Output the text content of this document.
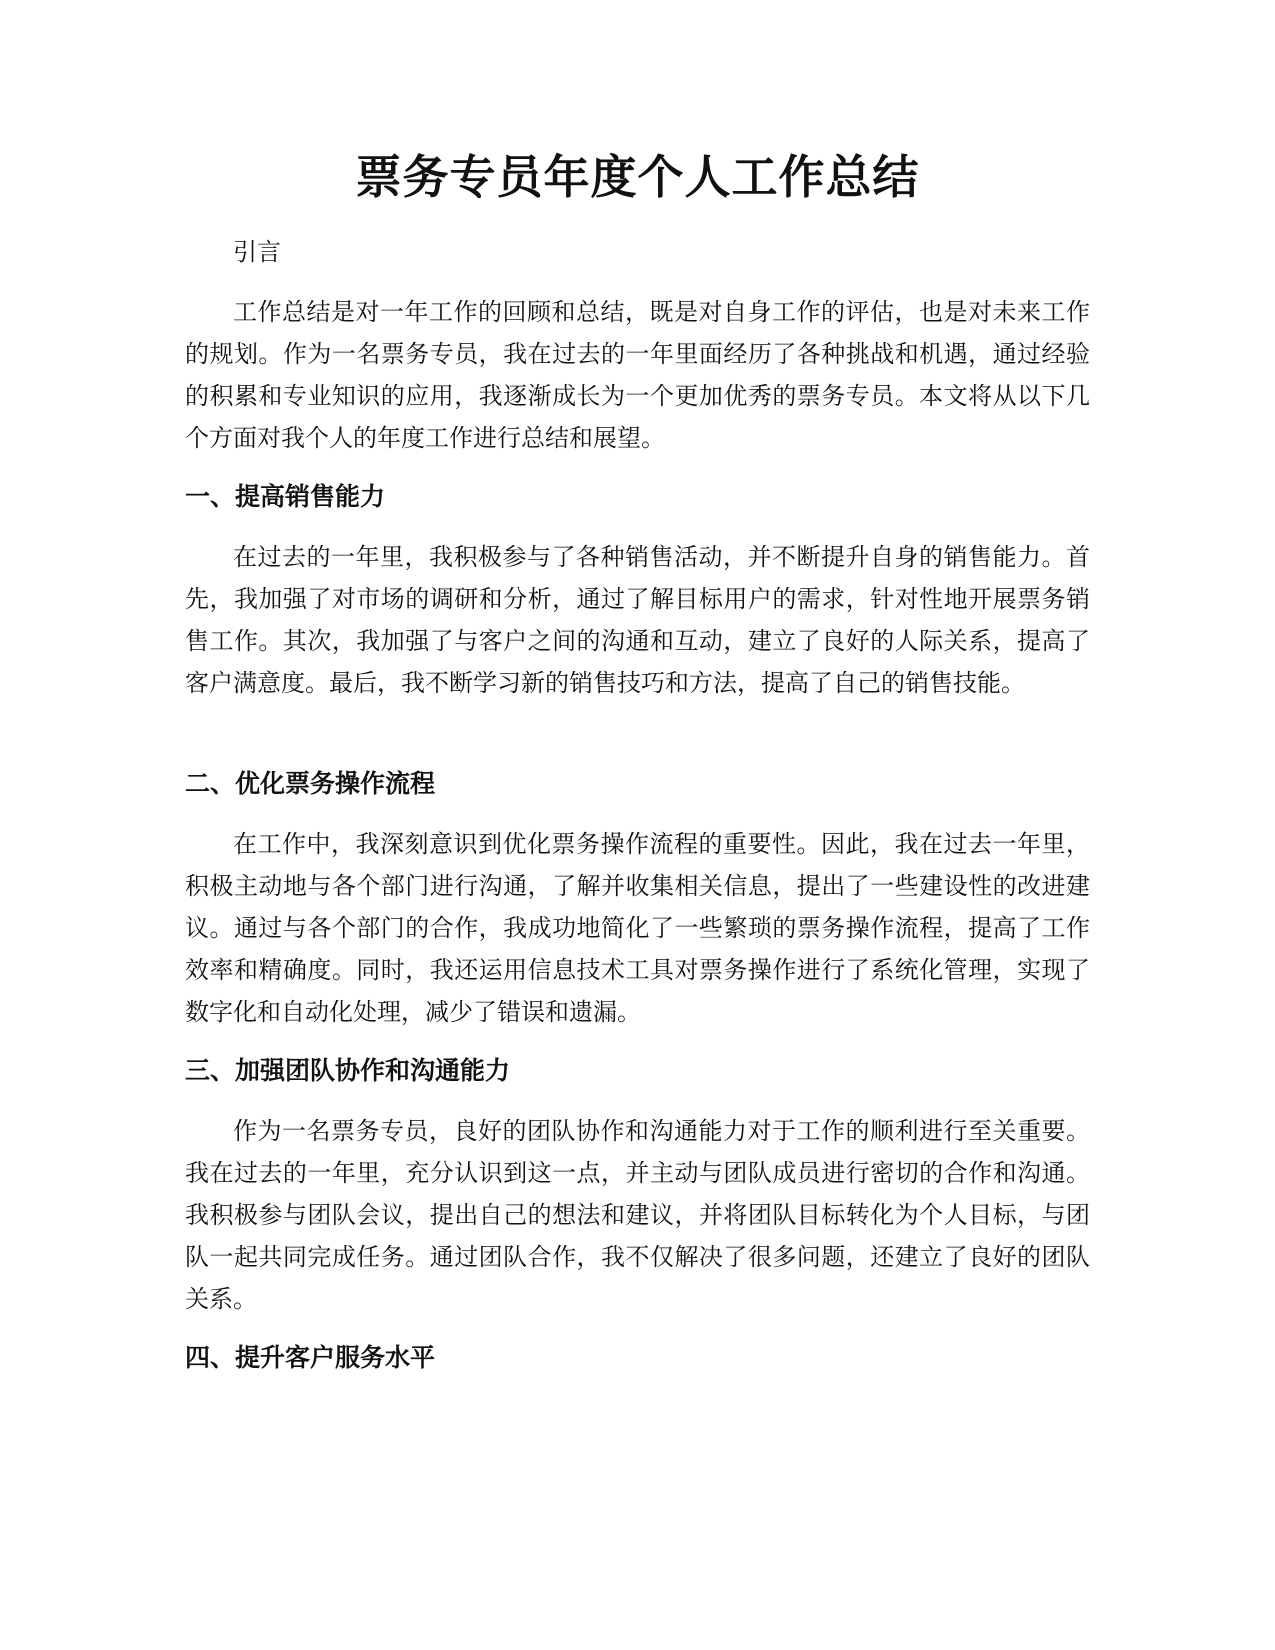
票务专员年度个人工作总结

引言

工作总结是对一年工作的回顾和总结，既是对自身工作的评估，也是对未来工作的规划。作为一名票务专员，我在过去的一年里面经历了各种挑战和机遇，通过经验的积累和专业知识的应用，我逐渐成长为一个更加优秀的票务专员。本文将从以下几个方面对我个人的年度工作进行总结和展望。

一、提高销售能力

在过去的一年里，我积极参与了各种销售活动，并不断提升自身的销售能力。首先，我加强了对市场的调研和分析，通过了解目标用户的需求，针对性地开展票务销售工作。其次，我加强了与客户之间的沟通和互动，建立了良好的人际关系，提高了客户满意度。最后，我不断学习新的销售技巧和方法，提高了自己的销售技能。

二、优化票务操作流程

在工作中，我深刻意识到优化票务操作流程的重要性。因此，我在过去一年里，积极主动地与各个部门进行沟通，了解并收集相关信息，提出了一些建设性的改进建议。通过与各个部门的合作，我成功地简化了一些繁琐的票务操作流程，提高了工作效率和精确度。同时，我还运用信息技术工具对票务操作进行了系统化管理，实现了数字化和自动化处理，减少了错误和遗漏。

三、加强团队协作和沟通能力

作为一名票务专员，良好的团队协作和沟通能力对于工作的顺利进行至关重要。我在过去的一年里，充分认识到这一点，并主动与团队成员进行密切的合作和沟通。我积极参与团队会议，提出自己的想法和建议，并将团队目标转化为个人目标，与团队一起共同完成任务。通过团队合作，我不仅解决了很多问题，还建立了良好的团队关系。

四、提升客户服务水平
